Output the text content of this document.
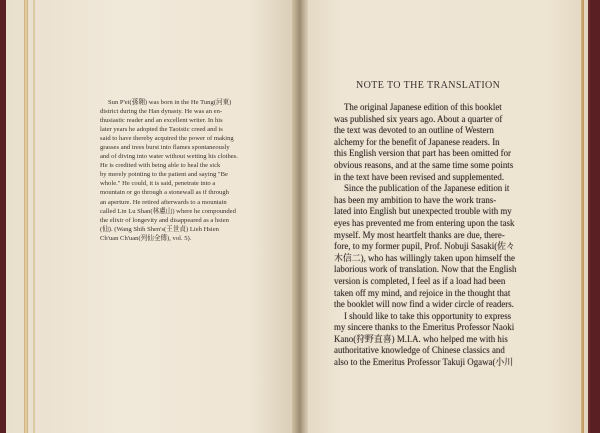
Sun P'ei(孫翱) was born in the He Tung(河東)
district during the Han dynasty. He was an en-
thusiastic reader and an excellent writer. In his
later years he adopted the Taoistic creed and is
said to have thereby acquired the power of making
grasses and trees burst into flames spontaneously
and of diving into water without wetting his clothes.
He is credited with being able to heal the sick
by merely pointing to the patient and saying "Be
whole." He could, it is said, penetrate into a
mountain or go through a stonewall as if through
an aperture. He retired afterwards to a mountain
called Lin Lu Shan(林慮山) where he compounded
the elixir of longevity and disappeared as a hsien
(仙). (Wang Shih Shen's(王世貞) Lieh Hsien
Ch'uan Ch'uan(列仙全傳), vol. 5).
NOTE TO THE TRANSLATION
The original Japanese edition of this booklet
was published six years ago. About a quarter of
the text was devoted to an outline of Western
alchemy for the benefit of Japanese readers. In
this English version that part has been omitted for
obvious reasons, and at the same time some points
in the text have been revised and supplemented.
Since the publication of the Japanese edition it
has been my ambition to have the work trans-
lated into English but unexpected trouble with my
eyes has prevented me from entering upon the task
myself. My most heartfelt thanks are due, there-
fore, to my former pupil, Prof. Nobuji Sasaki(佐々
木信二), who has willingly taken upon himself the
laborious work of translation. Now that the English
version is completed, I feel as if a load had been
taken off my mind, and rejoice in the thought that
the booklet will now find a wider circle of readers.
I should like to take this opportunity to express
my sincere thanks to the Emeritus Professor Naoki
Kano(狩野直喜) M.I.A. who helped me with his
authoritative knowledge of Chinese classics and
also to the Emeritus Professor Takuji Ogawa(小川
